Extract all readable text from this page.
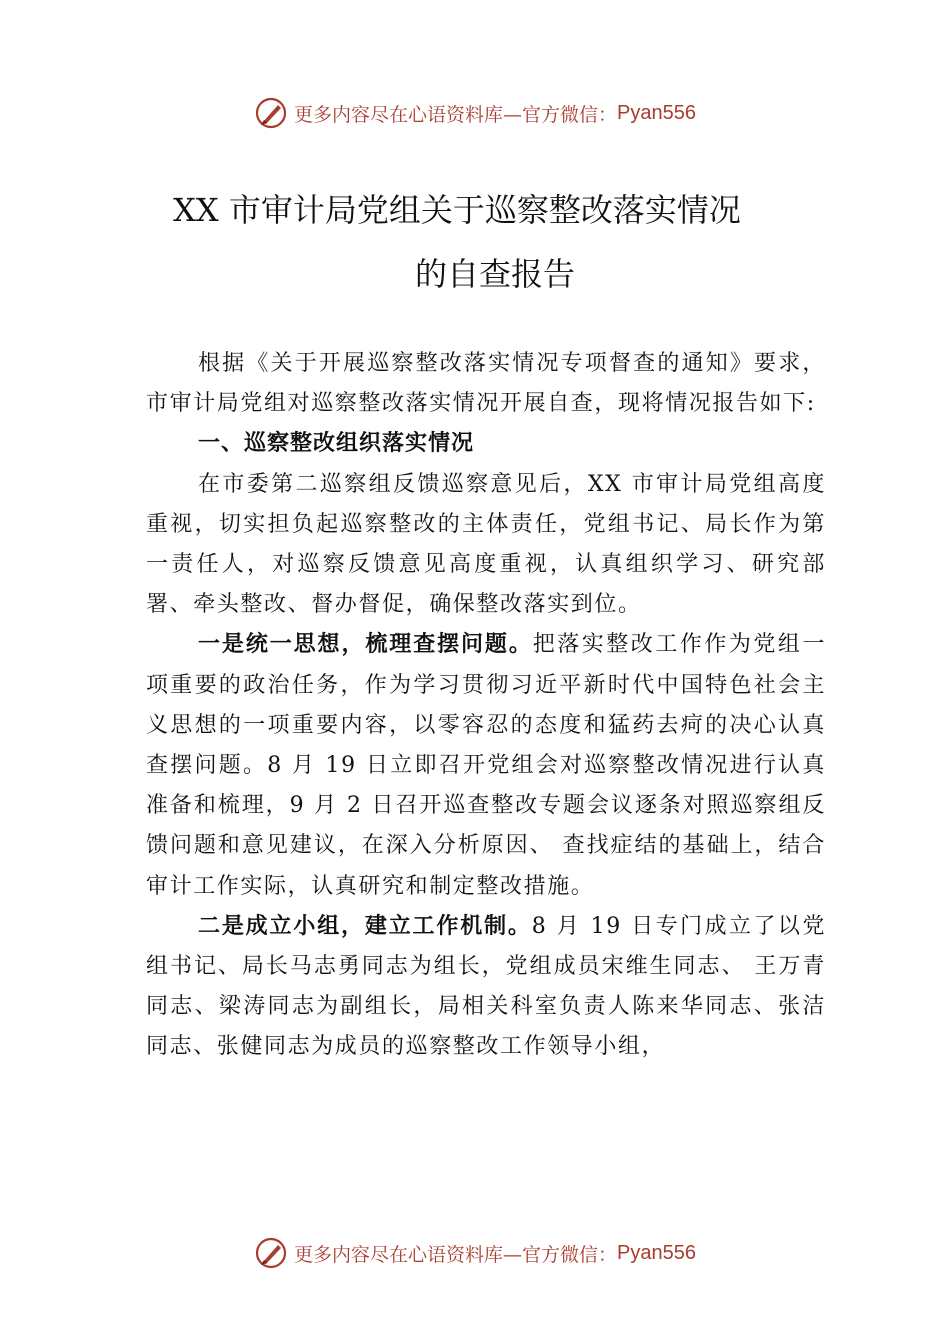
更多内容尽在心语资料库—官方微信： Pyan556
XX 市审计局党组关于巡察整改落实情况
的自查报告

根据《关于开展巡察整改落实情况专项督查的通知》要求，市审计局党组对巡察整改落实情况开展自查，现将情况报告如下:

一、巡察整改组织落实情况

在市委第二巡察组反馈巡察意见后，XX 市审计局党组高度重视，切实担负起巡察整改的主体责任，党组书记、局长作为第一责任人，对巡察反馈意见高度重视，认真组织学习、研究部署、牵头整改、督办督促，确保整改落实到位。

一是统一思想，梳理查摆问题。把落实整改工作作为党组一项重要的政治任务，作为学习贯彻习近平新时代中国特色社会主义思想的一项重要内容，以零容忍的态度和猛药去疴的决心认真查摆问题。8 月 19 日立即召开党组会对巡察整改情况进行认真准备和梳理，9 月 2 日召开巡查整改专题会议逐条对照巡察组反馈问题和意见建议，在深入分析原因、 查找症结的基础上，结合审计工作实际，认真研究和制定整改措施。

二是成立小组，建立工作机制。8 月 19 日专门成立了以党组书记、局长马志勇同志为组长，党组成员宋维生同志、 王万青同志、梁涛同志为副组长，局相关科室负责人陈来华同志、张洁同志、张健同志为成员的巡察整改工作领导小组，

更多内容尽在心语资料库—官方微信： Pyan556
